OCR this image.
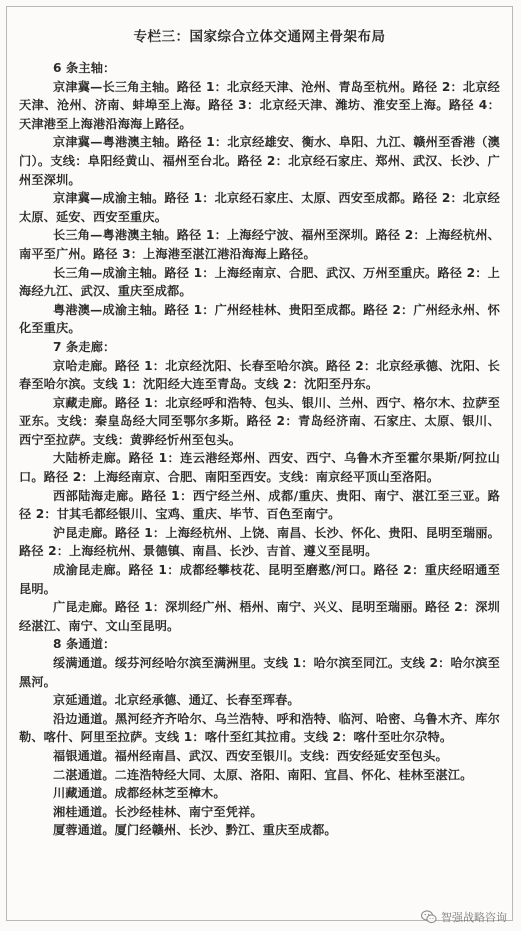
专栏三：国家综合立体交通网主骨架布局

6 条主轴：

京津冀—长三角主轴。路径 1：北京经天津、沧州、青岛至杭州。路径 2：北京经天津、沧州、济南、蚌埠至上海。路径 3：北京经天津、潍坊、淮安至上海。路径 4：天津港至上海港沿海海上路径。

京津冀—粤港澳主轴。路径 1：北京经雄安、衡水、阜阳、九江、赣州至香港（澳门）。支线：阜阳经黄山、福州至台北。路径 2：北京经石家庄、郑州、武汉、长沙、广州至深圳。

京津冀—成渝主轴。路径 1：北京经石家庄、太原、西安至成都。路径 2：北京经太原、延安、西安至重庆。

长三角—粤港澳主轴。路径 1：上海经宁波、福州至深圳。路径 2：上海经杭州、南平至广州。路径 3：上海港至湛江港沿海海上路径。

长三角—成渝主轴。路径 1：上海经南京、合肥、武汉、万州至重庆。路径 2：上海经九江、武汉、重庆至成都。

粤港澳—成渝主轴。路径 1：广州经桂林、贵阳至成都。路径 2：广州经永州、怀化至重庆。

7 条走廊：

京哈走廊。路径 1：北京经沈阳、长春至哈尔滨。路径 2：北京经承德、沈阳、长春至哈尔滨。支线 1：沈阳经大连至青岛。支线 2：沈阳至丹东。

京藏走廊。路径 1：北京经呼和浩特、包头、银川、兰州、西宁、格尔木、拉萨至亚东。支线：秦皇岛经大同至鄂尔多斯。路径 2：青岛经济南、石家庄、太原、银川、西宁至拉萨。支线：黄骅经忻州至包头。

大陆桥走廊。路径 1：连云港经郑州、西安、西宁、乌鲁木齐至霍尔果斯/阿拉山口。路径 2：上海经南京、合肥、南阳至西安。支线：南京经平顶山至洛阳。

西部陆海走廊。路径 1：西宁经兰州、成都/重庆、贵阳、南宁、湛江至三亚。路径 2：甘其毛都经银川、宝鸡、重庆、毕节、百色至南宁。

沪昆走廊。路径 1：上海经杭州、上饶、南昌、长沙、怀化、贵阳、昆明至瑞丽。路径 2：上海经杭州、景德镇、南昌、长沙、吉首、遵义至昆明。

成渝昆走廊。路径 1：成都经攀枝花、昆明至磨憨/河口。路径 2：重庆经昭通至昆明。

广昆走廊。路径 1：深圳经广州、梧州、南宁、兴义、昆明至瑞丽。路径 2：深圳经湛江、南宁、文山至昆明。

8 条通道：

绥满通道。绥芬河经哈尔滨至满洲里。支线 1：哈尔滨至同江。支线 2：哈尔滨至黑河。

京延通道。北京经承德、通辽、长春至珲春。

沿边通道。黑河经齐齐哈尔、乌兰浩特、呼和浩特、临河、哈密、乌鲁木齐、库尔勒、喀什、阿里至拉萨。支线 1：喀什至红其拉甫。支线 2：喀什至吐尔尕特。

福银通道。福州经南昌、武汉、西安至银川。支线：西安经延安至包头。

二湛通道。二连浩特经大同、太原、洛阳、南阳、宜昌、怀化、桂林至湛江。

川藏通道。成都经林芝至樟木。

湘桂通道。长沙经桂林、南宁至凭祥。

厦蓉通道。厦门经赣州、长沙、黔江、重庆至成都。

智强战略咨询
